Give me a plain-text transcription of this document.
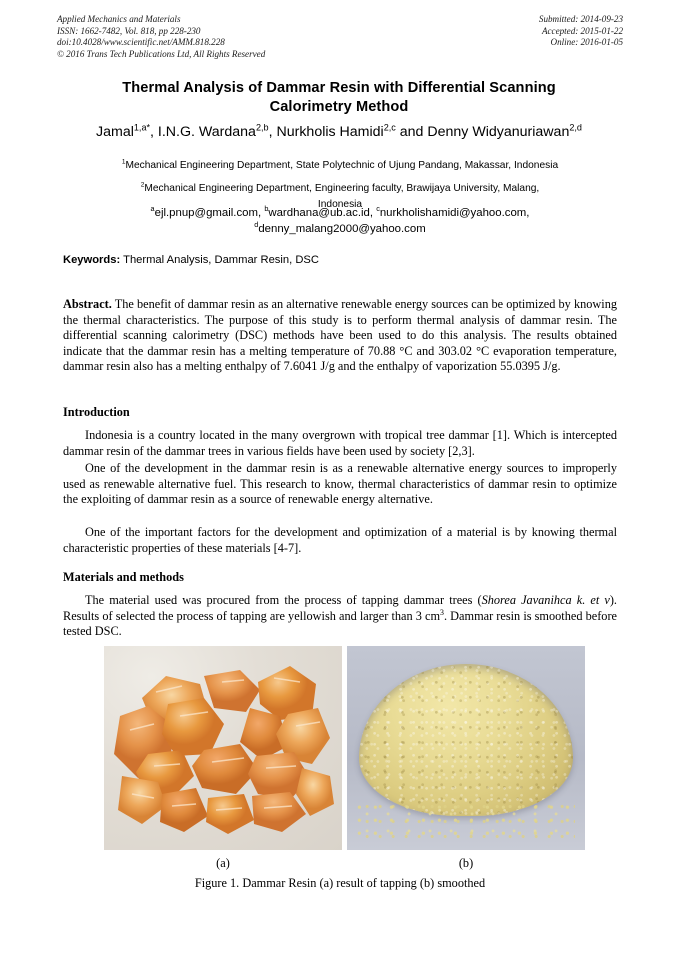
Applied Mechanics and Materials
ISSN: 1662-7482, Vol. 818, pp 228-230
doi:10.4028/www.scientific.net/AMM.818.228
© 2016 Trans Tech Publications Ltd, All Rights Reserved
Submitted: 2014-09-23
Accepted: 2015-01-22
Online: 2016-01-05
Thermal Analysis of Dammar Resin with Differential Scanning
Calorimetry Method
Jamal$^{1,a*}$, I.N.G. Wardana$^{2,b}$, Nurkholis Hamidi$^{2,c}$ and Denny Widyanuriawan$^{2,d}$
$^1$Mechanical Engineering Department, State Polytechnic of Ujung Pandang, Makassar, Indonesia
$^2$Mechanical Engineering Department, Engineering faculty, Brawijaya University, Malang,
Indonesia
$^a$ejl.pnup@gmail.com, $^b$wardhana@ub.ac.id, $^c$nurkholishamidi@yahoo.com,
$^d$denny_malang2000@yahoo.com
Keywords: Thermal Analysis, Dammar Resin, DSC
Abstract. The benefit of dammar resin as an alternative renewable energy sources can be optimized by knowing the thermal characteristics. The purpose of this study is to perform thermal analysis of dammar resin. The differential scanning calorimetry (DSC) methods have been used to do this analysis. The results obtained indicate that the dammar resin has a melting temperature of 70.88 °C and 303.02 °C evaporation temperature, dammar resin also has a melting enthalpy of 7.6041 J/g and the enthalpy of vaporization 55.0395 J/g.
Introduction
Indonesia is a country located in the many overgrown with tropical tree dammar [1]. Which is intercepted dammar resin of the dammar trees in various fields have been used by society [2,3].
One of the development in the dammar resin is as a renewable alternative energy sources to improperly used as renewable alternative fuel. This research to know, thermal characteristics of dammar resin to optimize the exploiting of dammar resin as a source of renewable energy alternative.
One of the important factors for the development and optimization of a material is by knowing thermal characteristic properties of these materials [4-7].
Materials and methods
The material used was procured from the process of tapping dammar trees (Shorea Javanihca k. et v). Results of selected the process of tapping are yellowish and larger than 3 $cm^3$. Dammar resin is smoothed before tested DSC.
(a)	(b)
Figure 1. Dammar Resin (a) result of tapping (b) smoothed
